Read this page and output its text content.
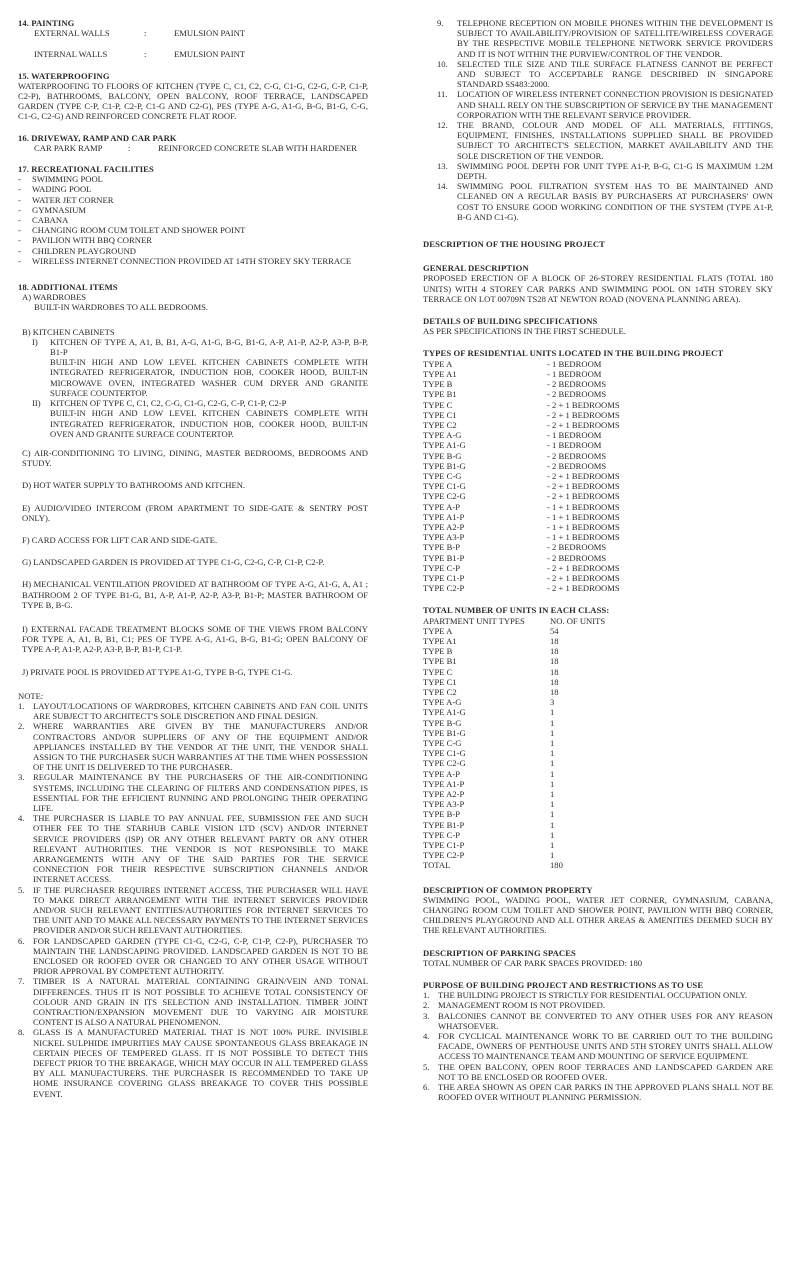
14. PAINTING
EXTERNAL WALLS	:	EMULSION PAINT
INTERNAL WALLS	:	EMULSION PAINT
15. WATERPROOFING
WATERPROOFING TO FLOORS OF KITCHEN (TYPE C, C1, C2, C-G, C1-G, C2-G, C-P, C1-P, C2-P), BATHROOMS, BALCONY, OPEN BALCONY, ROOF TERRACE, LANDSCAPED GARDEN (TYPE C-P, C1-P, C2-P, C1-G AND C2-G), PES (TYPE A-G, A1-G, B-G, B1-G, C-G, C1-G, C2-G) AND REINFORCED CONCRETE FLAT ROOF.
16. DRIVEWAY, RAMP AND CAR PARK
CAR PARK RAMP	:	REINFORCED CONCRETE SLAB WITH HARDENER
17. RECREATIONAL FACILITIES
-	SWIMMING POOL
-	WADING POOL
-	WATER JET CORNER
-	GYMNASIUM
-	CABANA
-	CHANGING ROOM CUM TOILET AND SHOWER POINT
-	PAVILION WITH BBQ CORNER
-	CHILDREN PLAYGROUND
-	WIRELESS INTERNET CONNECTION PROVIDED AT 14TH STOREY SKY TERRACE
18. ADDITIONAL ITEMS
A) WARDROBES
BUILT-IN WARDROBES TO ALL BEDROOMS.
B) KITCHEN CABINETS
I)	KITCHEN OF TYPE A, A1, B, B1, A-G, A1-G, B-G, B1-G, A-P, A1-P, A2-P, A3-P, B-P, B1-P
BUILT-IN HIGH AND LOW LEVEL KITCHEN CABINETS COMPLETE WITH INTEGRATED REFRIGERATOR, INDUCTION HOB, COOKER HOOD, BUILT-IN MICROWAVE OVEN, INTEGRATED WASHER CUM DRYER AND GRANITE SURFACE COUNTERTOP.
II)	KITCHEN OF TYPE C, C1, C2, C-G, C1-G, C2-G, C-P, C1-P, C2-P
BUILT-IN HIGH AND LOW LEVEL KITCHEN CABINETS COMPLETE WITH INTEGRATED REFRIGERATOR, INDUCTION HOB, COOKER HOOD, BUILT-IN OVEN AND GRANITE SURFACE COUNTERTOP.
C) AIR-CONDITIONING TO LIVING, DINING, MASTER BEDROOMS, BEDROOMS AND STUDY.
D) HOT WATER SUPPLY TO BATHROOMS AND KITCHEN.
E) AUDIO/VIDEO INTERCOM (FROM APARTMENT TO SIDE-GATE & SENTRY POST ONLY).
F) CARD ACCESS FOR LIFT CAR AND SIDE-GATE.
G) LANDSCAPED GARDEN IS PROVIDED AT TYPE C1-G, C2-G, C-P, C1-P, C2-P.
H) MECHANICAL VENTILATION PROVIDED AT BATHROOM OF TYPE A-G, A1-G, A, A1 ; BATHROOM 2 OF TYPE B1-G, B1, A-P, A1-P, A2-P, A3-P, B1-P; MASTER BATHROOM OF TYPE B, B-G.
I) EXTERNAL FACADE TREATMENT BLOCKS SOME OF THE VIEWS FROM BALCONY FOR TYPE A, A1, B, B1, C1; PES OF TYPE A-G, A1-G, B-G, B1-G; OPEN BALCONY OF TYPE A-P, A1-P, A2-P, A3-P, B-P, B1-P, C1-P.
J) PRIVATE POOL IS PROVIDED AT TYPE A1-G, TYPE B-G, TYPE C1-G.
NOTE:
1. LAYOUT/LOCATIONS OF WARDROBES, KITCHEN CABINETS AND FAN COIL UNITS ARE SUBJECT TO ARCHITECT'S SOLE DISCRETION AND FINAL DESIGN.
2. WHERE WARRANTIES ARE GIVEN BY THE MANUFACTURERS AND/OR CONTRACTORS AND/OR SUPPLIERS OF ANY OF THE EQUIPMENT AND/OR APPLIANCES INSTALLED BY THE VENDOR AT THE UNIT, THE VENDOR SHALL ASSIGN TO THE PURCHASER SUCH WARRANTIES AT THE TIME WHEN POSSESSION OF THE UNIT IS DELIVERED TO THE PURCHASER.
3. REGULAR MAINTENANCE BY THE PURCHASERS OF THE AIR-CONDITIONING SYSTEMS, INCLUDING THE CLEARING OF FILTERS AND CONDENSATION PIPES, IS ESSENTIAL FOR THE EFFICIENT RUNNING AND PROLONGING THEIR OPERATING LIFE.
4. THE PURCHASER IS LIABLE TO PAY ANNUAL FEE, SUBMISSION FEE AND SUCH OTHER FEE TO THE STARHUB CABLE VISION LTD (SCV) AND/OR INTERNET SERVICE PROVIDERS (ISP) OR ANY OTHER RELEVANT PARTY OR ANY OTHER RELEVANT AUTHORITIES. THE VENDOR IS NOT RESPONSIBLE TO MAKE ARRANGEMENTS WITH ANY OF THE SAID PARTIES FOR THE SERVICE CONNECTION FOR THEIR RESPECTIVE SUBSCRIPTION CHANNELS AND/OR INTERNET ACCESS.
5. IF THE PURCHASER REQUIRES INTERNET ACCESS, THE PURCHASER WILL HAVE TO MAKE DIRECT ARRANGEMENT WITH THE INTERNET SERVICES PROVIDER AND/OR SUCH RELEVANT ENTITIES/AUTHORITIES FOR INTERNET SERVICES TO THE UNIT AND TO MAKE ALL NECESSARY PAYMENTS TO THE INTERNET SERVICES PROVIDER AND/OR SUCH RELEVANT AUTHORITIES.
6. FOR LANDSCAPED GARDEN (TYPE C1-G, C2-G, C-P, C1-P, C2-P), PURCHASER TO MAINTAIN THE LANDSCAPING PROVIDED. LANDSCAPED GARDEN IS NOT TO BE ENCLOSED OR ROOFED OVER OR CHANGED TO ANY OTHER USAGE WITHOUT PRIOR APPROVAL BY COMPETENT AUTHORITY.
7. TIMBER IS A NATURAL MATERIAL CONTAINING GRAIN/VEIN AND TONAL DIFFERENCES. THUS IT IS NOT POSSIBLE TO ACHIEVE TOTAL CONSISTENCY OF COLOUR AND GRAIN IN ITS SELECTION AND INSTALLATION. TIMBER JOINT CONTRACTION/EXPANSION MOVEMENT DUE TO VARYING AIR MOISTURE CONTENT IS ALSO A NATURAL PHENOMENON.
8. GLASS IS A MANUFACTURED MATERIAL THAT IS NOT 100% PURE. INVISIBLE NICKEL SULPHIDE IMPURITIES MAY CAUSE SPONTANEOUS GLASS BREAKAGE IN CERTAIN PIECES OF TEMPERED GLASS. IT IS NOT POSSIBLE TO DETECT THIS DEFECT PRIOR TO THE BREAKAGE, WHICH MAY OCCUR IN ALL TEMPERED GLASS BY ALL MANUFACTURERS. THE PURCHASER IS RECOMMENDED TO TAKE UP HOME INSURANCE COVERING GLASS BREAKAGE TO COVER THIS POSSIBLE EVENT.
9.	TELEPHONE RECEPTION ON MOBILE PHONES WITHIN THE DEVELOPMENT IS SUBJECT TO AVAILABILITY/PROVISION OF SATELLITE/WIRELESS COVERAGE BY THE RESPECTIVE MOBILE TELEPHONE NETWORK SERVICE PROVIDERS AND IT IS NOT WITHIN THE PURVIEW/CONTROL OF THE VENDOR.
10.	SELECTED TILE SIZE AND TILE SURFACE FLATNESS CANNOT BE PERFECT AND SUBJECT TO ACCEPTABLE RANGE DESCRIBED IN SINGAPORE STANDARD SS483:2000.
11.	LOCATION OF WIRELESS INTERNET CONNECTION PROVISION IS DESIGNATED AND SHALL RELY ON THE SUBSCRIPTION OF SERVICE BY THE MANAGEMENT CORPORATION WITH THE RELEVANT SERVICE PROVIDER.
12.	THE BRAND, COLOUR AND MODEL OF ALL MATERIALS, FITTINGS, EQUIPMENT, FINISHES, INSTALLATIONS SUPPLIED SHALL BE PROVIDED SUBJECT TO ARCHITECT'S SELECTION, MARKET AVAILABILITY AND THE SOLE DISCRETION OF THE VENDOR.
13.	SWIMMING POOL DEPTH FOR UNIT TYPE A1-P, B-G, C1-G IS MAXIMUM 1.2M DEPTH.
14.	SWIMMING POOL FILTRATION SYSTEM HAS TO BE MAINTAINED AND CLEANED ON A REGULAR BASIS BY PURCHASERS AT PURCHASERS' OWN COST TO ENSURE GOOD WORKING CONDITION OF THE SYSTEM (TYPE A1-P, B-G AND C1-G).
DESCRIPTION OF THE HOUSING PROJECT
GENERAL DESCRIPTION
PROPOSED ERECTION OF A BLOCK OF 26-STOREY RESIDENTIAL FLATS (TOTAL 180 UNITS) WITH 4 STOREY CAR PARKS AND SWIMMING POOL ON 14TH STOREY SKY TERRACE ON LOT 00709N TS28 AT NEWTON ROAD (NOVENA PLANNING AREA).
DETAILS OF BUILDING SPECIFICATIONS
AS PER SPECIFICATIONS IN THE FIRST SCHEDULE.
TYPES OF RESIDENTIAL UNITS LOCATED IN THE BUILDING PROJECT
TYPE A	- 1 BEDROOM
TYPE A1	- 1 BEDROOM
TYPE B	- 2 BEDROOMS
TYPE B1	- 2 BEDROOMS
TYPE C	- 2 + 1 BEDROOMS
TYPE C1	- 2 + 1 BEDROOMS
TYPE C2	- 2 + 1 BEDROOMS
TYPE A-G	- 1 BEDROOM
TYPE A1-G	- 1 BEDROOM
TYPE B-G	- 2 BEDROOMS
TYPE B1-G	- 2 BEDROOMS
TYPE C-G	- 2 + 1 BEDROOMS
TYPE C1-G	- 2 + 1 BEDROOMS
TYPE C2-G	- 2 + 1 BEDROOMS
TYPE A-P	- 1 + 1 BEDROOMS
TYPE A1-P	- 1 + 1 BEDROOMS
TYPE A2-P	- 1 + 1 BEDROOMS
TYPE A3-P	- 1 + 1 BEDROOMS
TYPE B-P	- 2 BEDROOMS
TYPE B1-P	- 2 BEDROOMS
TYPE C-P	- 2 + 1 BEDROOMS
TYPE C1-P	- 2 + 1 BEDROOMS
TYPE C2-P	- 2 + 1 BEDROOMS
TOTAL NUMBER OF UNITS IN EACH CLASS:
APARTMENT UNIT TYPES	NO. OF UNITS
TYPE A	54
TYPE A1	18
TYPE B	18
TYPE B1	18
TYPE C	18
TYPE C1	18
TYPE C2	18
TYPE A-G	3
TYPE A1-G	1
TYPE B-G	1
TYPE B1-G	1
TYPE C-G	1
TYPE C1-G	1
TYPE C2-G	1
TYPE A-P	1
TYPE A1-P	1
TYPE A2-P	1
TYPE A3-P	1
TYPE B-P	1
TYPE B1-P	1
TYPE C-P	1
TYPE C1-P	1
TYPE C2-P	1
TOTAL	180
DESCRIPTION OF COMMON PROPERTY
SWIMMING POOL, WADING POOL, WATER JET CORNER, GYMNASIUM, CABANA, CHANGING ROOM CUM TOILET AND SHOWER POINT, PAVILION WITH BBQ CORNER, CHILDREN'S PLAYGROUND AND ALL OTHER AREAS & AMENITIES DEEMED SUCH BY THE RELEVANT AUTHORITIES.
DESCRIPTION OF PARKING SPACES
TOTAL NUMBER OF CAR PARK SPACES PROVIDED: 180
PURPOSE OF BUILDING PROJECT AND RESTRICTIONS AS TO USE
1. THE BUILDING PROJECT IS STRICTLY FOR RESIDENTIAL OCCUPATION ONLY.
2. MANAGEMENT ROOM IS NOT PROVIDED.
3. BALCONIES CANNOT BE CONVERTED TO ANY OTHER USES FOR ANY REASON WHATSOEVER.
4. FOR CYCLICAL MAINTENANCE WORK TO BE CARRIED OUT TO THE BUILDING FACADE, OWNERS OF PENTHOUSE UNITS AND 5TH STOREY UNITS SHALL ALLOW ACCESS TO MAINTENANCE TEAM AND MOUNTING OF SERVICE EQUIPMENT.
5. THE OPEN BALCONY, OPEN ROOF TERRACES AND LANDSCAPED GARDEN ARE NOT TO BE ENCLOSED OR ROOFED OVER.
6. THE AREA SHOWN AS OPEN CAR PARKS IN THE APPROVED PLANS SHALL NOT BE ROOFED OVER WITHOUT PLANNING PERMISSION.
